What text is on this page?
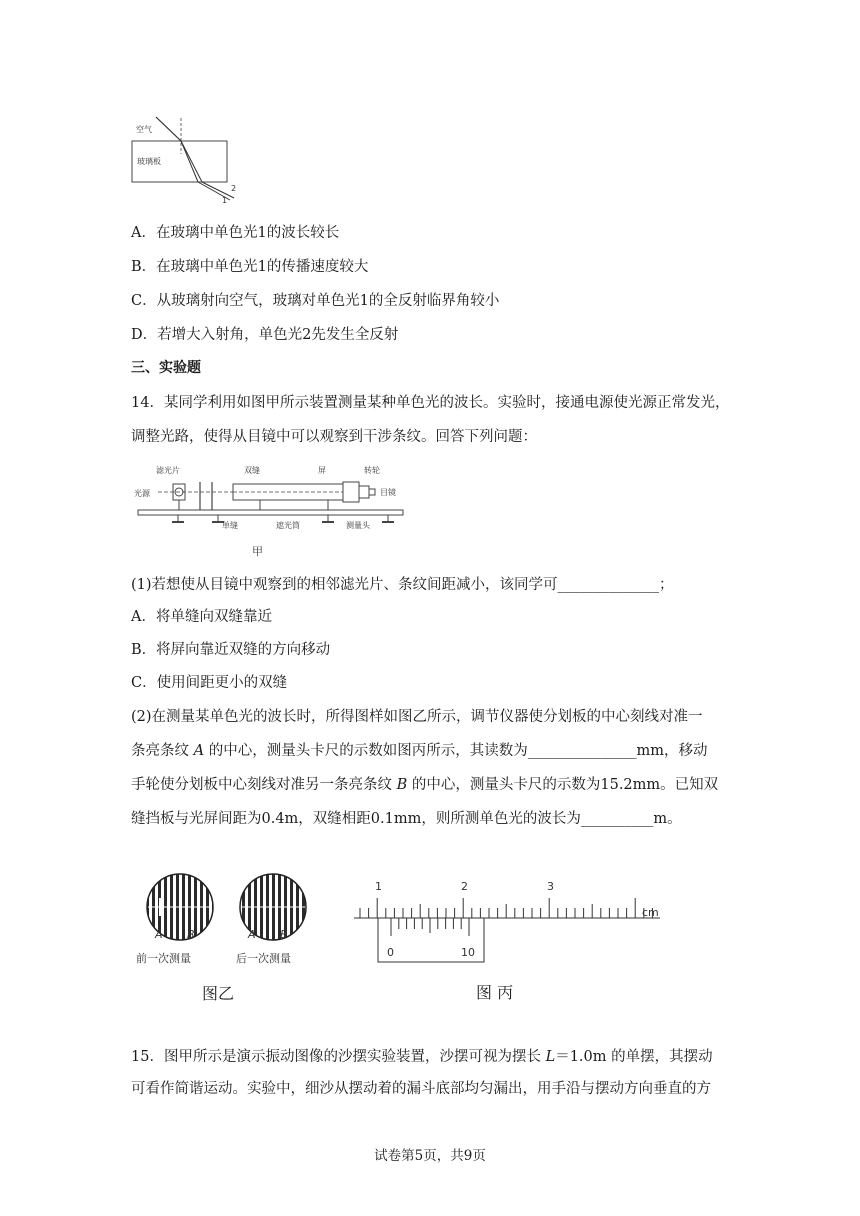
空气
玻璃板
1
2
A．在玻璃中单色光1的波长较长
B．在玻璃中单色光1的传播速度较大
C．从玻璃射向空气，玻璃对单色光1的全反射临界角较小
D．若增大入射角，单色光2先发生全反射
三、实验题
14．某同学利用如图甲所示装置测量某种单色光的波长。实验时，接通电源使光源正常发光，
调整光路，使得从目镜中可以观察到干涉条纹。回答下列问题：
滤光片	双缝	屏	转轮
光源	目镜
单缝	遮光筒	测量头
甲
(1)若想使从目镜中观察到的相邻滤光片、条纹间距减小，该同学可______________；
A．将单缝向双缝靠近
B．将屏向靠近双缝的方向移动
C．使用间距更小的双缝
(2)在测量某单色光的波长时，所得图样如图乙所示，调节仪器使分划板的中心刻线对准一
条亮条纹 A 的中心，测量头卡尺的示数如图丙所示，其读数为_______________mm，移动
手轮使分划板中心刻线对准另一条亮条纹 B 的中心，测量头卡尺的示数为15.2mm。已知双
缝挡板与光屏间距为0.4m，双缝相距0.1mm，则所测单色光的波长为__________m。
A B	A B
前一次测量	后一次测量
图乙
1	2	3
cm
0	10
图 丙
15．图甲所示是演示振动图像的沙摆实验装置，沙摆可视为摆长 L＝1.0m 的单摆，其摆动
可看作简谐运动。实验中，细沙从摆动着的漏斗底部均匀漏出，用手沿与摆动方向垂直的方
试卷第5页，共9页
